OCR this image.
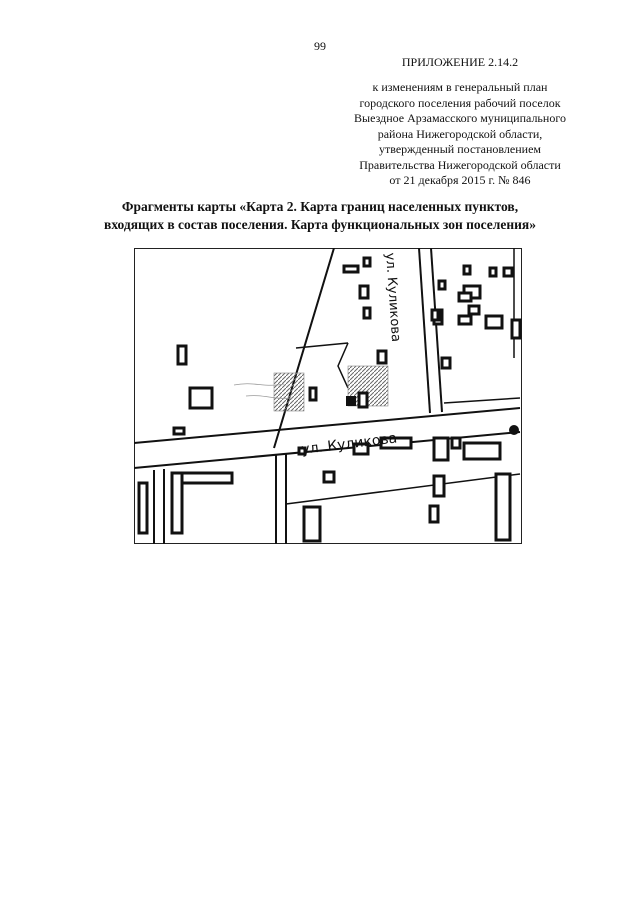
99
ПРИЛОЖЕНИЕ 2.14.2
к изменениям в генеральный план
городского поселения рабочий поселок
Выездное Арзамасского муниципального
района Нижегородской области,
утвержденный постановлением
Правительства Нижегородской области
от 21 декабря 2015 г. № 846
Фрагменты карты «Карта 2. Карта границ населенных пунктов,
входящих в состав поселения. Карта функциональных зон поселения»
ул. Куликова
ул. Куликова
